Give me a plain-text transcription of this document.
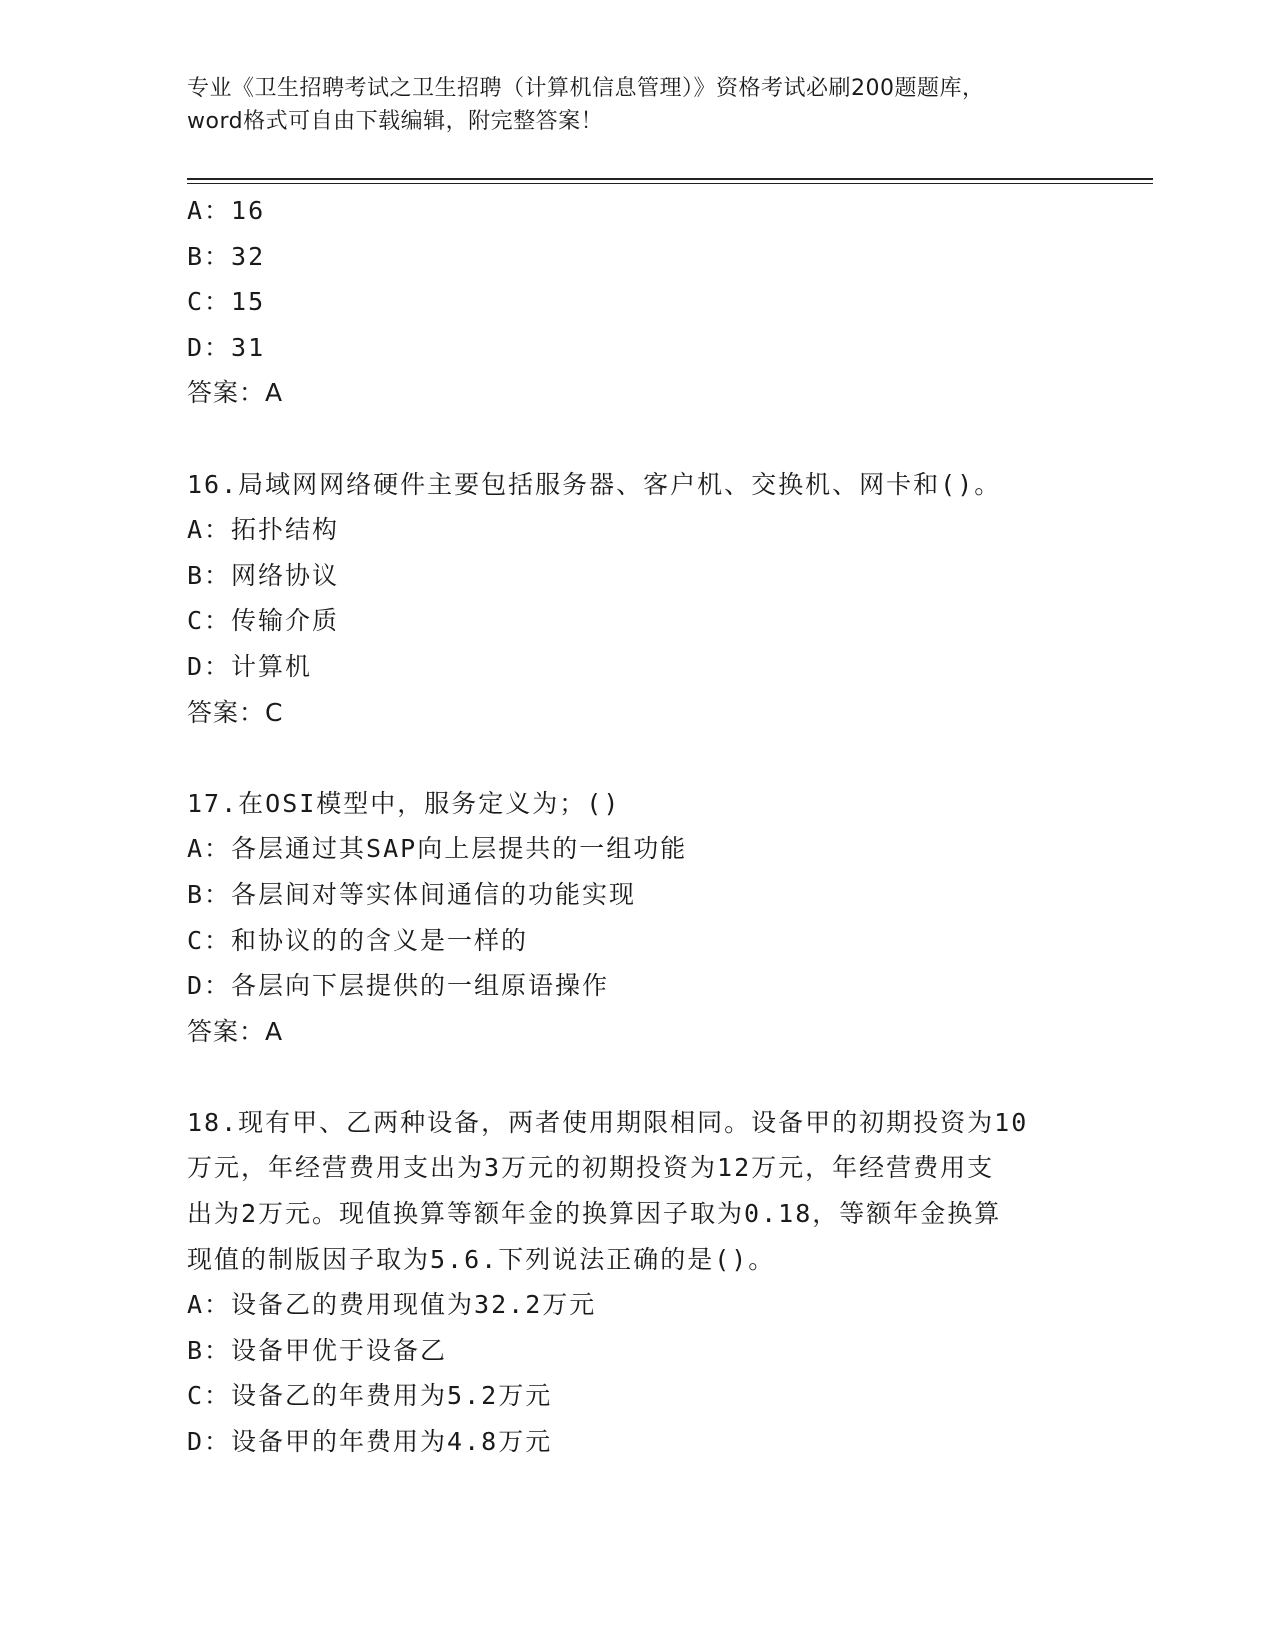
专业《卫生招聘考试之卫生招聘（计算机信息管理）》资格考试必刷200题题库，
word格式可自由下载编辑，附完整答案！
A：16
B：32
C：15
D：31
答案：A
16.局域网网络硬件主要包括服务器、客户机、交换机、网卡和()。
A：拓扑结构
B：网络协议
C：传输介质
D：计算机
答案：C
17.在OSI模型中，服务定义为；()
A：各层通过其SAP向上层提共的一组功能
B：各层间对等实体间通信的功能实现
C：和协议的的含义是一样的
D：各层向下层提供的一组原语操作
答案：A
18.现有甲、乙两种设备，两者使用期限相同。设备甲的初期投资为10
万元，年经营费用支出为3万元的初期投资为12万元，年经营费用支
出为2万元。现值换算等额年金的换算因子取为0.18，等额年金换算
现值的制版因子取为5.6.下列说法正确的是()。
A：设备乙的费用现值为32.2万元
B：设备甲优于设备乙
C：设备乙的年费用为5.2万元
D：设备甲的年费用为4.8万元
